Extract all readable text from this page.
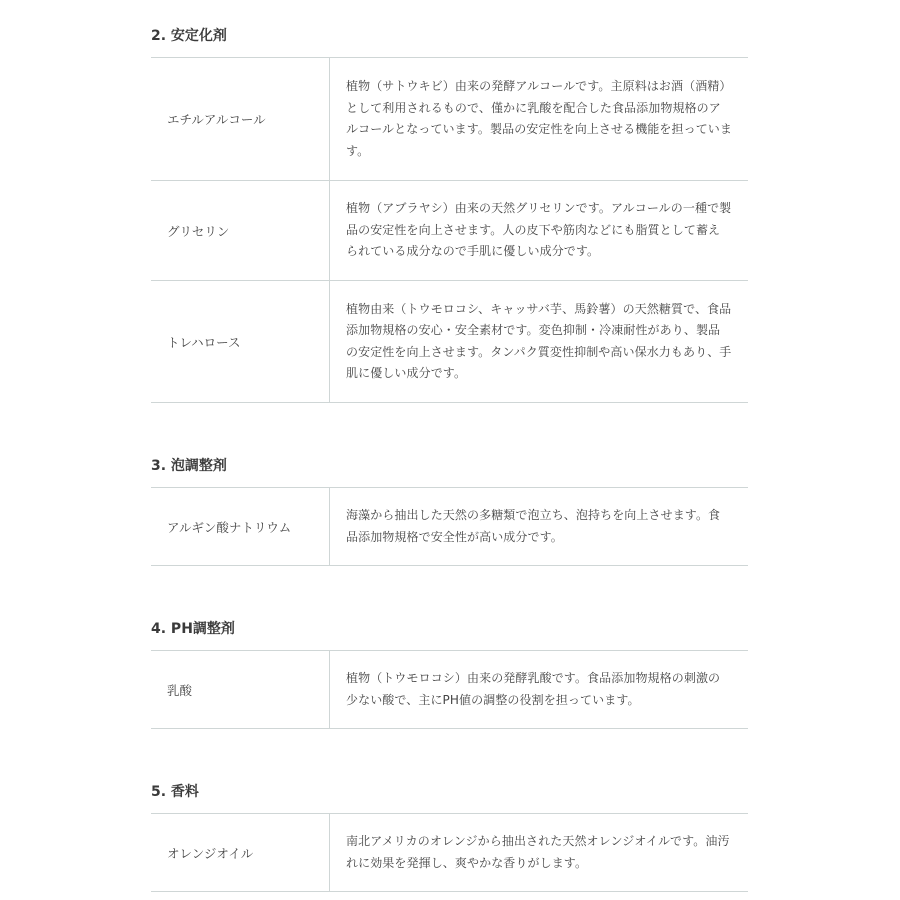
2. 安定化剤
エチルアルコール
植物（サトウキビ）由来の発酵アルコールです。主原料はお酒（酒精）として利用されるもので、僅かに乳酸を配合した食品添加物規格のアルコールとなっています。製品の安定性を向上させる機能を担っています。
グリセリン
植物（アブラヤシ）由来の天然グリセリンです。アルコールの一種で製品の安定性を向上させます。人の皮下や筋肉などにも脂質として蓄えられている成分なので手肌に優しい成分です。
トレハロース
植物由来（トウモロコシ、キャッサバ芋、馬鈴薯）の天然糖質で、食品添加物規格の安心・安全素材です。変色抑制・冷凍耐性があり、製品の安定性を向上させます。タンパク質変性抑制や高い保水力もあり、手肌に優しい成分です。
3. 泡調整剤
アルギン酸ナトリウム
海藻から抽出した天然の多糖類で泡立ち、泡持ちを向上させます。食品添加物規格で安全性が高い成分です。
4. PH調整剤
乳酸
植物（トウモロコシ）由来の発酵乳酸です。食品添加物規格の刺激の少ない酸で、主にPH値の調整の役割を担っています。
5. 香料
オレンジオイル
南北アメリカのオレンジから抽出された天然オレンジオイルです。油汚れに効果を発揮し、爽やかな香りがします。
